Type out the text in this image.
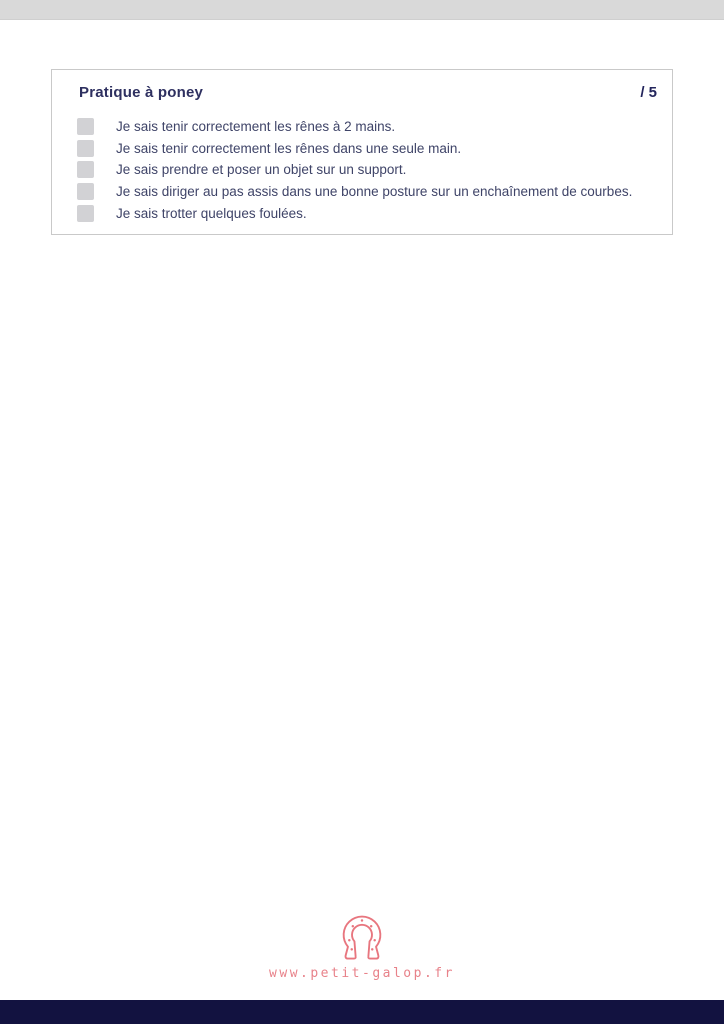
Pratique à poney	/ 5
Je sais tenir correctement les rênes à 2 mains.
Je sais tenir correctement les rênes dans une seule main.
Je sais prendre et poser un objet sur un support.
Je sais diriger au pas assis dans une bonne posture sur un enchaînement de courbes.
Je sais trotter quelques foulées.
www.petit-galop.fr
